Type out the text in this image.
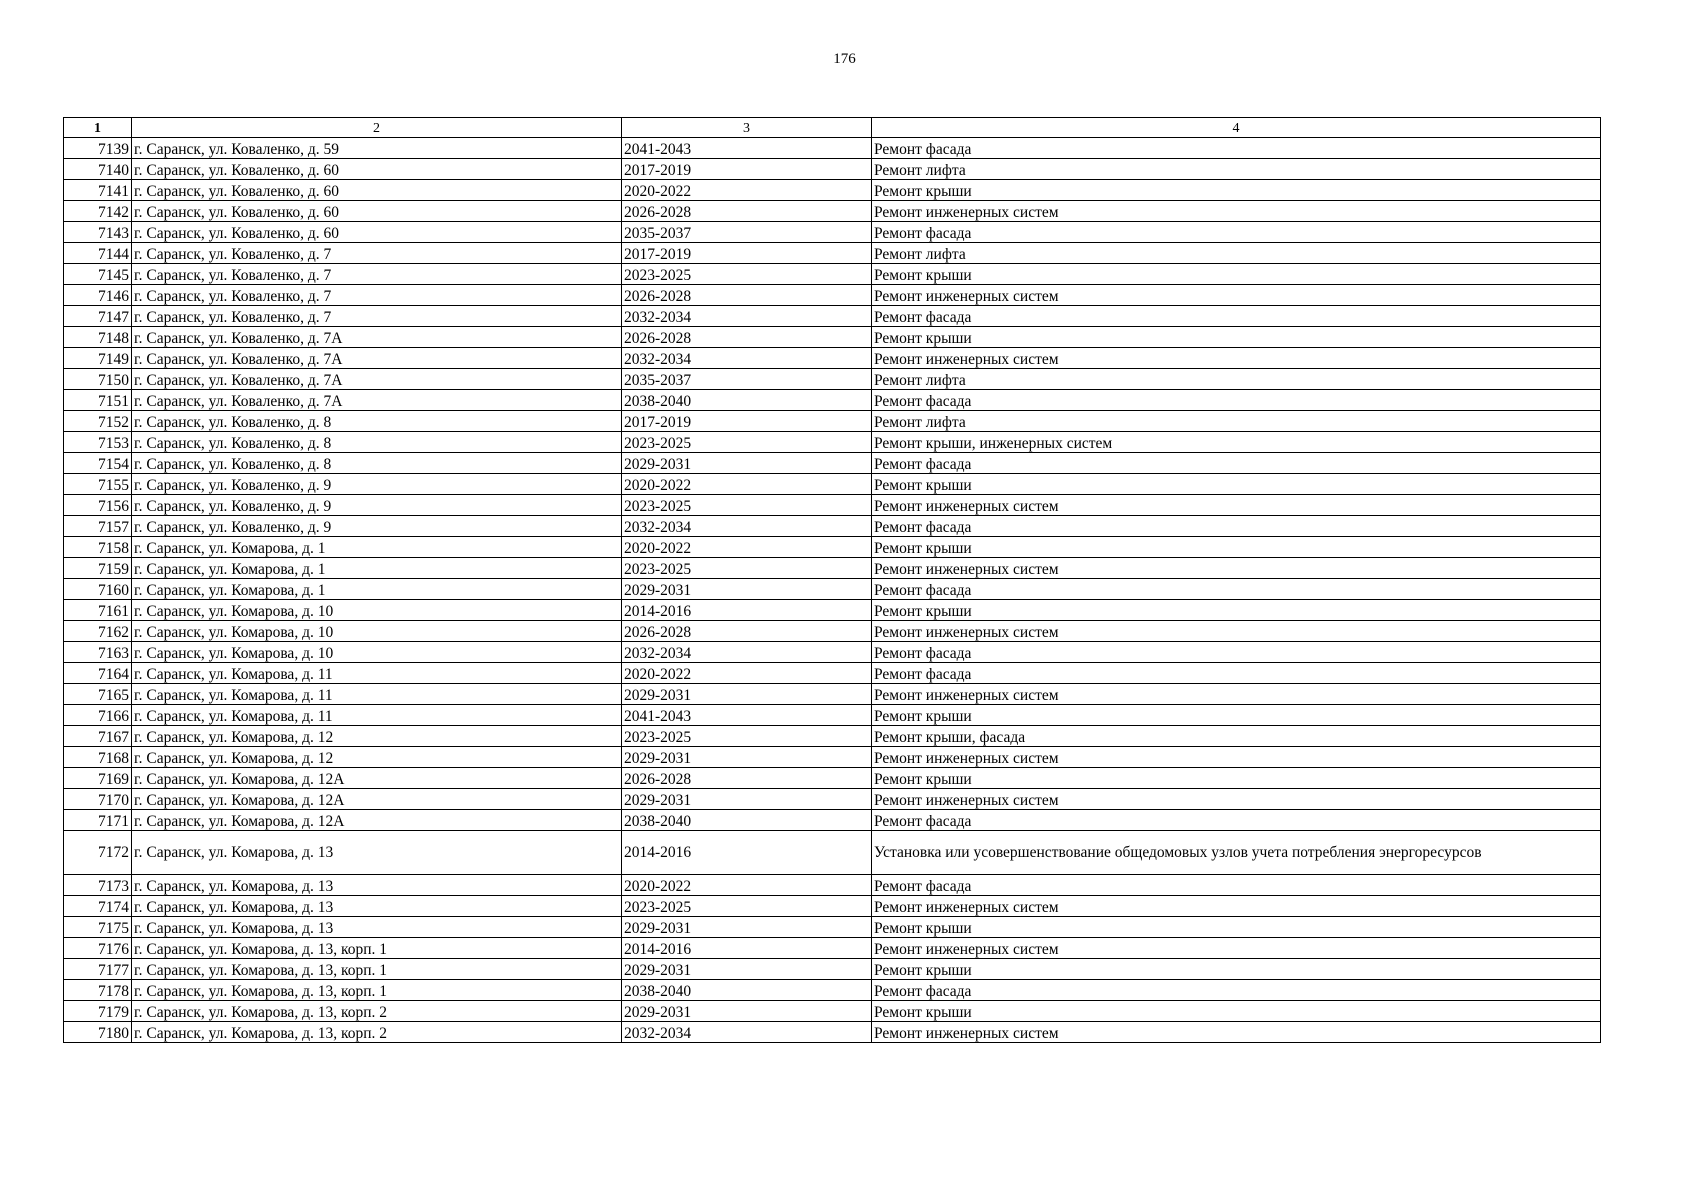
176
1	2	3	4
7139	г. Саранск, ул. Коваленко, д. 59	2041-2043	Ремонт фасада
7140	г. Саранск, ул. Коваленко, д. 60	2017-2019	Ремонт лифта
7141	г. Саранск, ул. Коваленко, д. 60	2020-2022	Ремонт крыши
7142	г. Саранск, ул. Коваленко, д. 60	2026-2028	Ремонт инженерных систем
7143	г. Саранск, ул. Коваленко, д. 60	2035-2037	Ремонт фасада
7144	г. Саранск, ул. Коваленко, д. 7	2017-2019	Ремонт лифта
7145	г. Саранск, ул. Коваленко, д. 7	2023-2025	Ремонт крыши
7146	г. Саранск, ул. Коваленко, д. 7	2026-2028	Ремонт инженерных систем
7147	г. Саранск, ул. Коваленко, д. 7	2032-2034	Ремонт фасада
7148	г. Саранск, ул. Коваленко, д. 7А	2026-2028	Ремонт крыши
7149	г. Саранск, ул. Коваленко, д. 7А	2032-2034	Ремонт инженерных систем
7150	г. Саранск, ул. Коваленко, д. 7А	2035-2037	Ремонт лифта
7151	г. Саранск, ул. Коваленко, д. 7А	2038-2040	Ремонт фасада
7152	г. Саранск, ул. Коваленко, д. 8	2017-2019	Ремонт лифта
7153	г. Саранск, ул. Коваленко, д. 8	2023-2025	Ремонт крыши, инженерных систем
7154	г. Саранск, ул. Коваленко, д. 8	2029-2031	Ремонт фасада
7155	г. Саранск, ул. Коваленко, д. 9	2020-2022	Ремонт крыши
7156	г. Саранск, ул. Коваленко, д. 9	2023-2025	Ремонт инженерных систем
7157	г. Саранск, ул. Коваленко, д. 9	2032-2034	Ремонт фасада
7158	г. Саранск, ул. Комарова, д. 1	2020-2022	Ремонт крыши
7159	г. Саранск, ул. Комарова, д. 1	2023-2025	Ремонт инженерных систем
7160	г. Саранск, ул. Комарова, д. 1	2029-2031	Ремонт фасада
7161	г. Саранск, ул. Комарова, д. 10	2014-2016	Ремонт крыши
7162	г. Саранск, ул. Комарова, д. 10	2026-2028	Ремонт инженерных систем
7163	г. Саранск, ул. Комарова, д. 10	2032-2034	Ремонт фасада
7164	г. Саранск, ул. Комарова, д. 11	2020-2022	Ремонт фасада
7165	г. Саранск, ул. Комарова, д. 11	2029-2031	Ремонт инженерных систем
7166	г. Саранск, ул. Комарова, д. 11	2041-2043	Ремонт крыши
7167	г. Саранск, ул. Комарова, д. 12	2023-2025	Ремонт крыши, фасада
7168	г. Саранск, ул. Комарова, д. 12	2029-2031	Ремонт инженерных систем
7169	г. Саранск, ул. Комарова, д. 12А	2026-2028	Ремонт крыши
7170	г. Саранск, ул. Комарова, д. 12А	2029-2031	Ремонт инженерных систем
7171	г. Саранск, ул. Комарова, д. 12А	2038-2040	Ремонт фасада
7172	г. Саранск, ул. Комарова, д. 13	2014-2016	Установка или усовершенствование общедомовых узлов учета потребления энергоресурсов
7173	г. Саранск, ул. Комарова, д. 13	2020-2022	Ремонт фасада
7174	г. Саранск, ул. Комарова, д. 13	2023-2025	Ремонт инженерных систем
7175	г. Саранск, ул. Комарова, д. 13	2029-2031	Ремонт крыши
7176	г. Саранск, ул. Комарова, д. 13, корп. 1	2014-2016	Ремонт инженерных систем
7177	г. Саранск, ул. Комарова, д. 13, корп. 1	2029-2031	Ремонт крыши
7178	г. Саранск, ул. Комарова, д. 13, корп. 1	2038-2040	Ремонт фасада
7179	г. Саранск, ул. Комарова, д. 13, корп. 2	2029-2031	Ремонт крыши
7180	г. Саранск, ул. Комарова, д. 13, корп. 2	2032-2034	Ремонт инженерных систем
